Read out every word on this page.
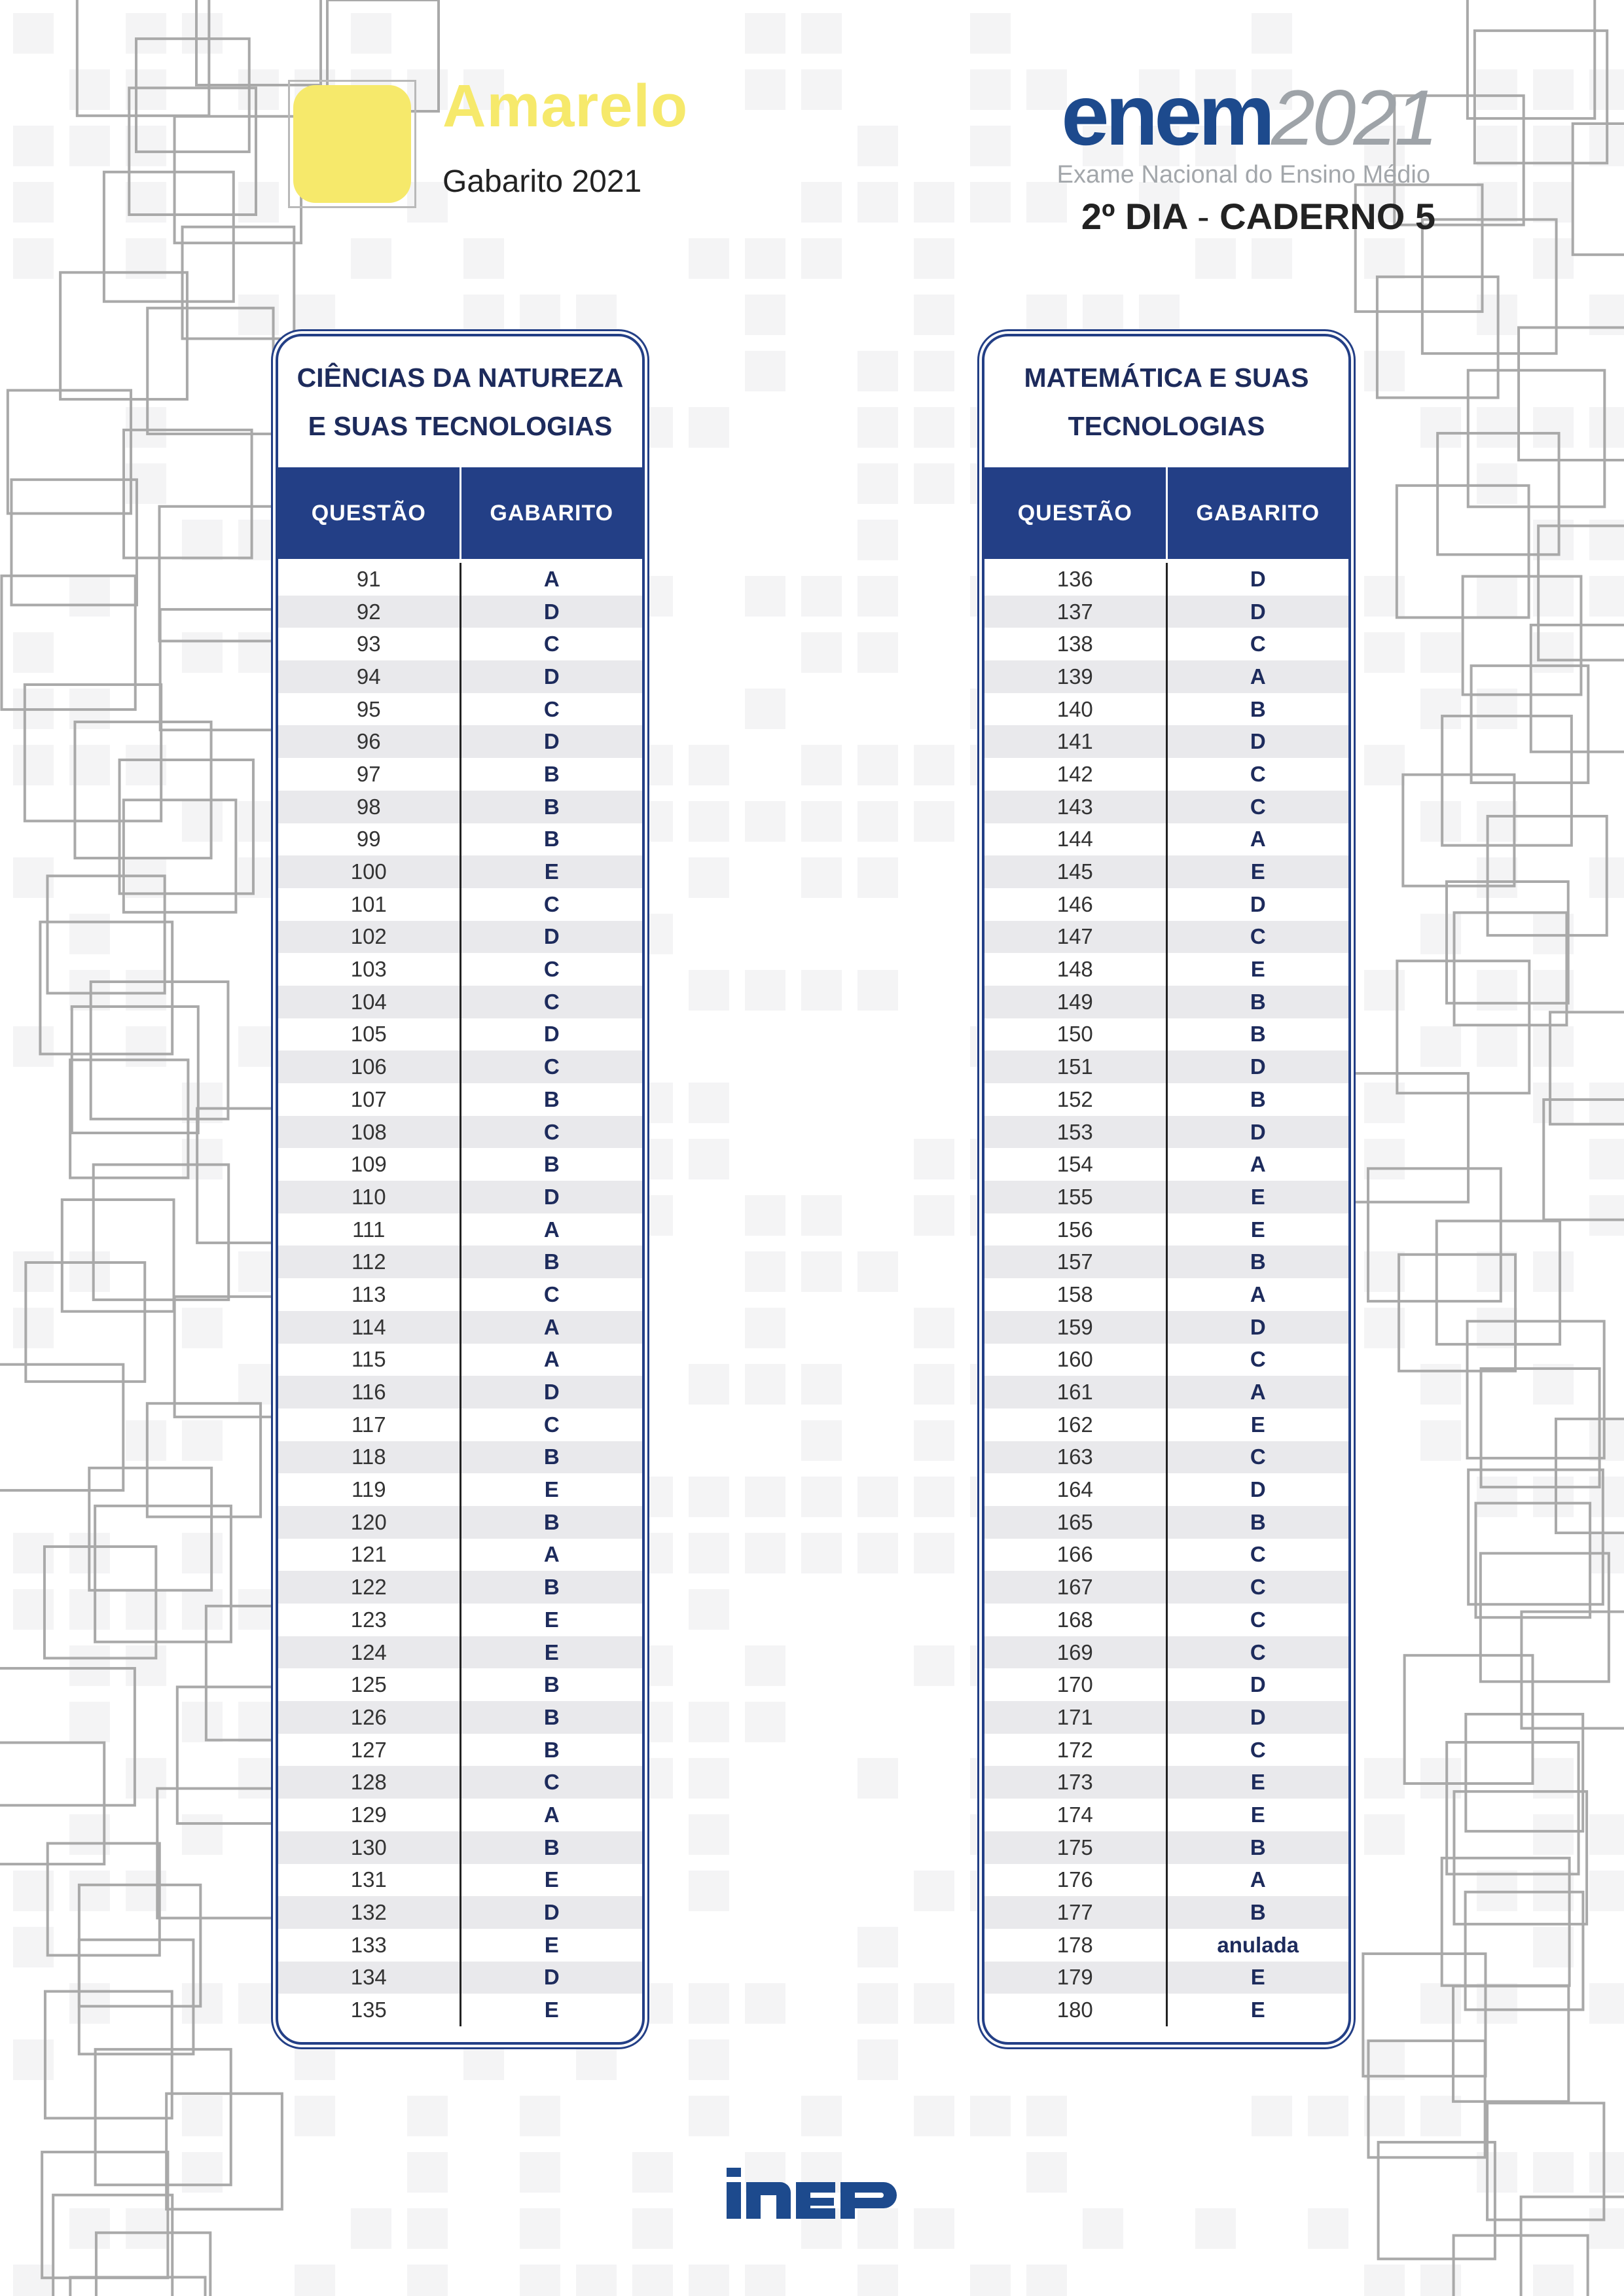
Amarelo
Gabarito 2021
enem2021
Exame Nacional do Ensino Médio
2º DIA - CADERNO 5
CIÊNCIAS DA NATUREZA
E SUAS TECNOLOGIAS
QUESTÃO	GABARITO
91	A
92	D
93	C
94	D
95	C
96	D
97	B
98	B
99	B
100	E
101	C
102	D
103	C
104	C
105	D
106	C
107	B
108	C
109	B
110	D
111	A
112	B
113	C
114	A
115	A
116	D
117	C
118	B
119	E
120	B
121	A
122	B
123	E
124	E
125	B
126	B
127	B
128	C
129	A
130	B
131	E
132	D
133	E
134	D
135	E
MATEMÁTICA E SUAS
TECNOLOGIAS
QUESTÃO	GABARITO
136	D
137	D
138	C
139	A
140	B
141	D
142	C
143	C
144	A
145	E
146	D
147	C
148	E
149	B
150	B
151	D
152	B
153	D
154	A
155	E
156	E
157	B
158	A
159	D
160	C
161	A
162	E
163	C
164	D
165	B
166	C
167	C
168	C
169	C
170	D
171	D
172	C
173	E
174	E
175	B
176	A
177	B
178	anulada
179	E
180	E
